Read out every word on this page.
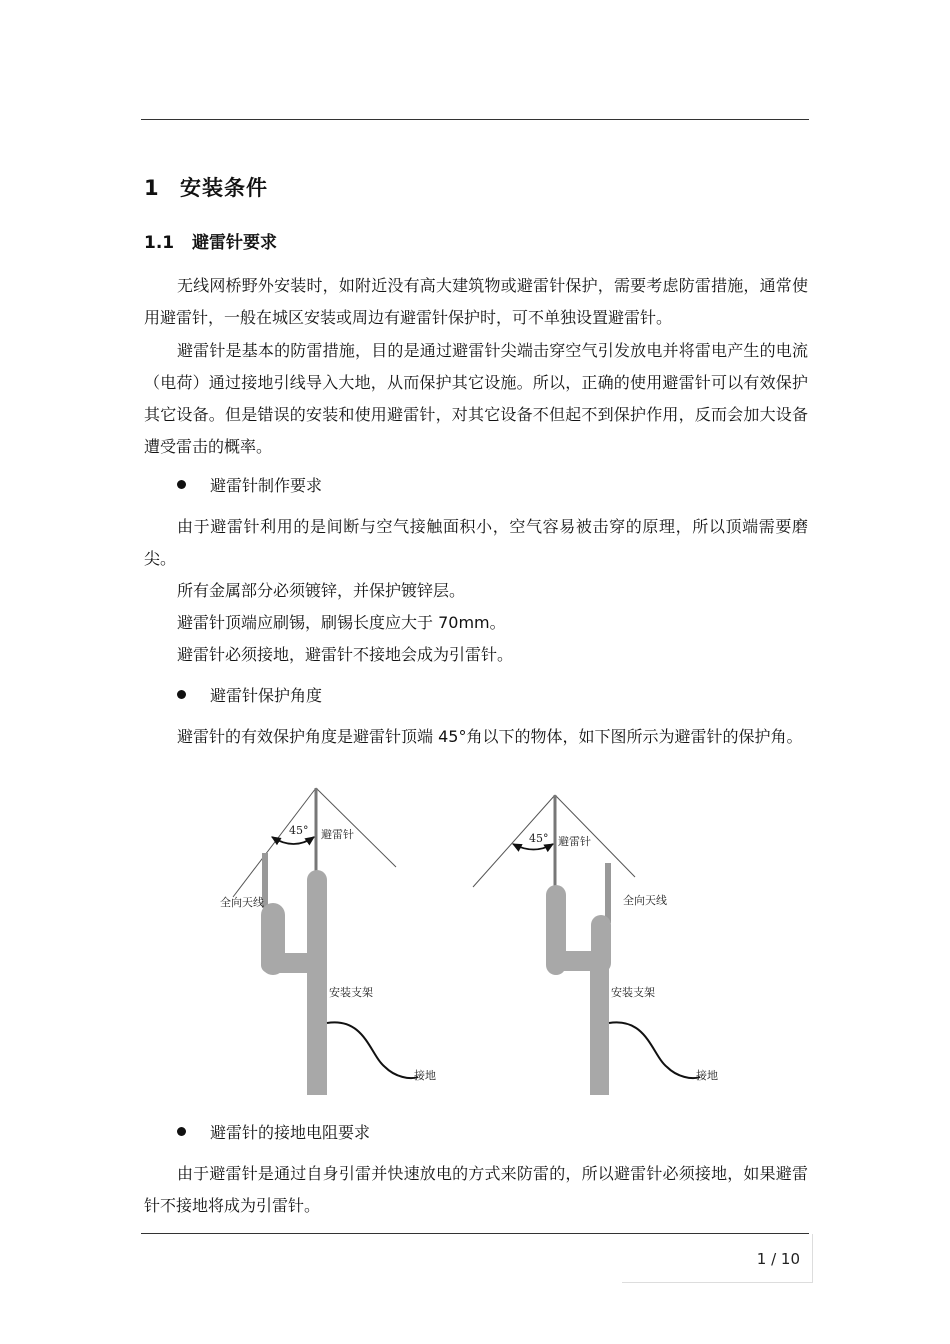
1 安装条件
1.1 避雷针要求

无线网桥野外安装时，如附近没有高大建筑物或避雷针保护，需要考虑防雷措施，通常使用避雷针，一般在城区安装或周边有避雷针保护时，可不单独设置避雷针。

避雷针是基本的防雷措施，目的是通过避雷针尖端击穿空气引发放电并将雷电产生的电流（电荷）通过接地引线导入大地，从而保护其它设施。所以，正确的使用避雷针可以有效保护其它设备。但是错误的安装和使用避雷针，对其它设备不但起不到保护作用，反而会加大设备遭受雷击的概率。

避雷针制作要求

由于避雷针利用的是间断与空气接触面积小，空气容易被击穿的原理，所以顶端需要磨尖。

所有金属部分必须镀锌，并保护镀锌层。

避雷针顶端应刷锡，刷锡长度应大于 70mm。

避雷针必须接地，避雷针不接地会成为引雷针。

避雷针保护角度

避雷针的有效保护角度是避雷针顶端 45°角以下的物体，如下图所示为避雷针的保护角。

45° 避雷针
全向天线
安装支架
接地
45° 避雷针
全向天线
安装支架
接地
避雷针的接地电阻要求

由于避雷针是通过自身引雷并快速放电的方式来防雷的，所以避雷针必须接地，如果避雷针不接地将成为引雷针。

1 / 10
